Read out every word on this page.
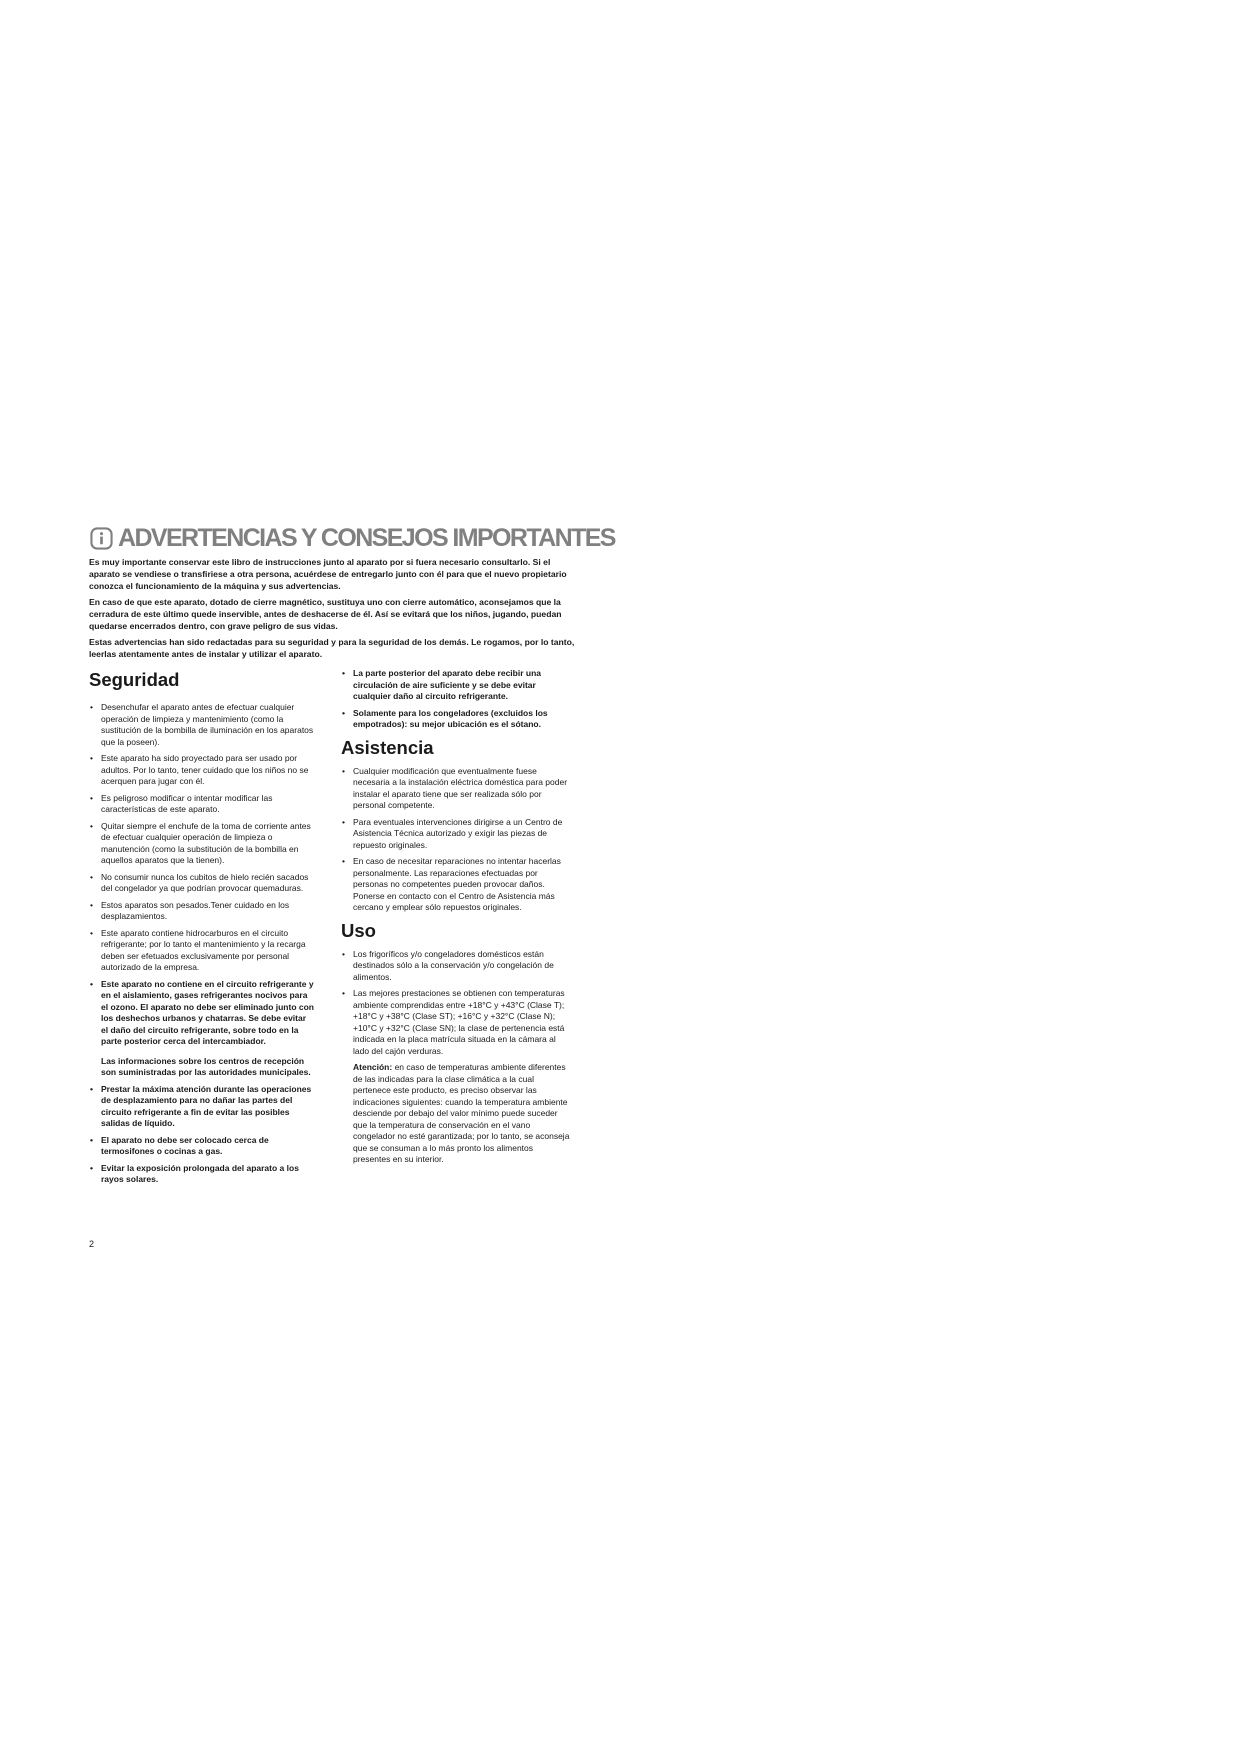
ADVERTENCIAS Y CONSEJOS IMPORTANTES

Es muy importante conservar este libro de instrucciones junto al aparato por si fuera necesario consultarlo. Si el aparato se vendiese o transfiriese a otra persona, acuérdese de entregarlo junto con él para que el nuevo propietario conozca el funcionamiento de la máquina y sus advertencias.

En caso de que este aparato, dotado de cierre magnético, sustituya uno con cierre automático, aconsejamos que la cerradura de este último quede inservible, antes de deshacerse de él. Así se evitará que los niños, jugando, puedan quedarse encerrados dentro, con grave peligro de sus vidas.

Estas advertencias han sido redactadas para su seguridad y para la seguridad de los demás. Le rogamos, por lo tanto, leerlas atentamente antes de instalar y utilizar el aparato.

Seguridad
• Desenchufar el aparato antes de efectuar cualquier operación de limpieza y mantenimiento (como la sustitución de la bombilla de iluminación en los aparatos que la poseen).
• Este aparato ha sido proyectado para ser usado por adultos. Por lo tanto, tener cuidado que los niños no se acerquen para jugar con él.
• Es peligroso modificar o intentar modificar las características de este aparato.
• Quitar siempre el enchufe de la toma de corriente antes de efectuar cualquier operación de limpieza o manutención (como la substitución de la bombilla en aquellos aparatos que la tienen).
• No consumir nunca los cubitos de hielo recién sacados del congelador ya que podrían provocar quemaduras.
• Estos aparatos son pesados.Tener cuidado en los desplazamientos.
• Este aparato contiene hidrocarburos en el circuito refrigerante; por lo tanto el mantenimiento y la recarga deben ser efetuados exclusivamente por personal autorizado de la empresa.
• Este aparato no contiene en el circuito refrigerante y en el aislamiento, gases refrigerantes nocivos para el ozono. El aparato no debe ser eliminado junto con los deshechos urbanos y chatarras. Se debe evitar el daño del circuito refrigerante, sobre todo en la parte posterior cerca del intercambiador.
Las informaciones sobre los centros de recepción son suministradas por las autoridades municipales.
• Prestar la máxima atención durante las operaciones de desplazamiento para no dañar las partes del circuito refrigerante a fin de evitar las posibles salidas de líquido.
• El aparato no debe ser colocado cerca de termosifones o cocinas a gas.
• Evitar la exposición prolongada del aparato a los rayos solares.
• La parte posterior del aparato debe recibir una circulación de aire suficiente y se debe evitar cualquier daño al circuito refrigerante.
• Solamente para los congeladores (excluidos los empotrados): su mejor ubicación es el sótano.
Asistencia
• Cualquier modificación que eventualmente fuese necesaria a la instalación eléctrica doméstica para poder instalar el aparato tiene que ser realizada sólo por personal competente.
• Para eventuales intervenciones dirigirse a un Centro de Asistencia Técnica autorizado y exigir las piezas de repuesto originales.
• En caso de necesitar reparaciones no intentar hacerlas personalmente. Las reparaciones efectuadas por personas no competentes pueden provocar daños. Ponerse en contacto con el Centro de Asistencia más cercano y emplear sólo repuestos originales.
Uso
• Los frigoríficos y/o congeladores domésticos están destinados sólo a la conservación y/o congelación de alimentos.
• Las mejores prestaciones se obtienen con temperaturas ambiente comprendidas entre +18°C y +43°C (Clase T); +18°C y +38°C (Clase ST); +16°C y +32°C (Clase N); +10°C y +32°C (Clase SN); la clase de pertenencia está indicada en la placa matrícula situada en la cámara al lado del cajón verduras.
Atención: en caso de temperaturas ambiente diferentes de las indicadas para la clase climática a la cual pertenece este producto, es preciso observar las indicaciones siguientes: cuando la temperatura ambiente desciende por debajo del valor mínimo puede suceder que la temperatura de conservación en el vano congelador no esté garantizada; por lo tanto, se aconseja que se consuman a lo más pronto los alimentos presentes en su interior.
2
